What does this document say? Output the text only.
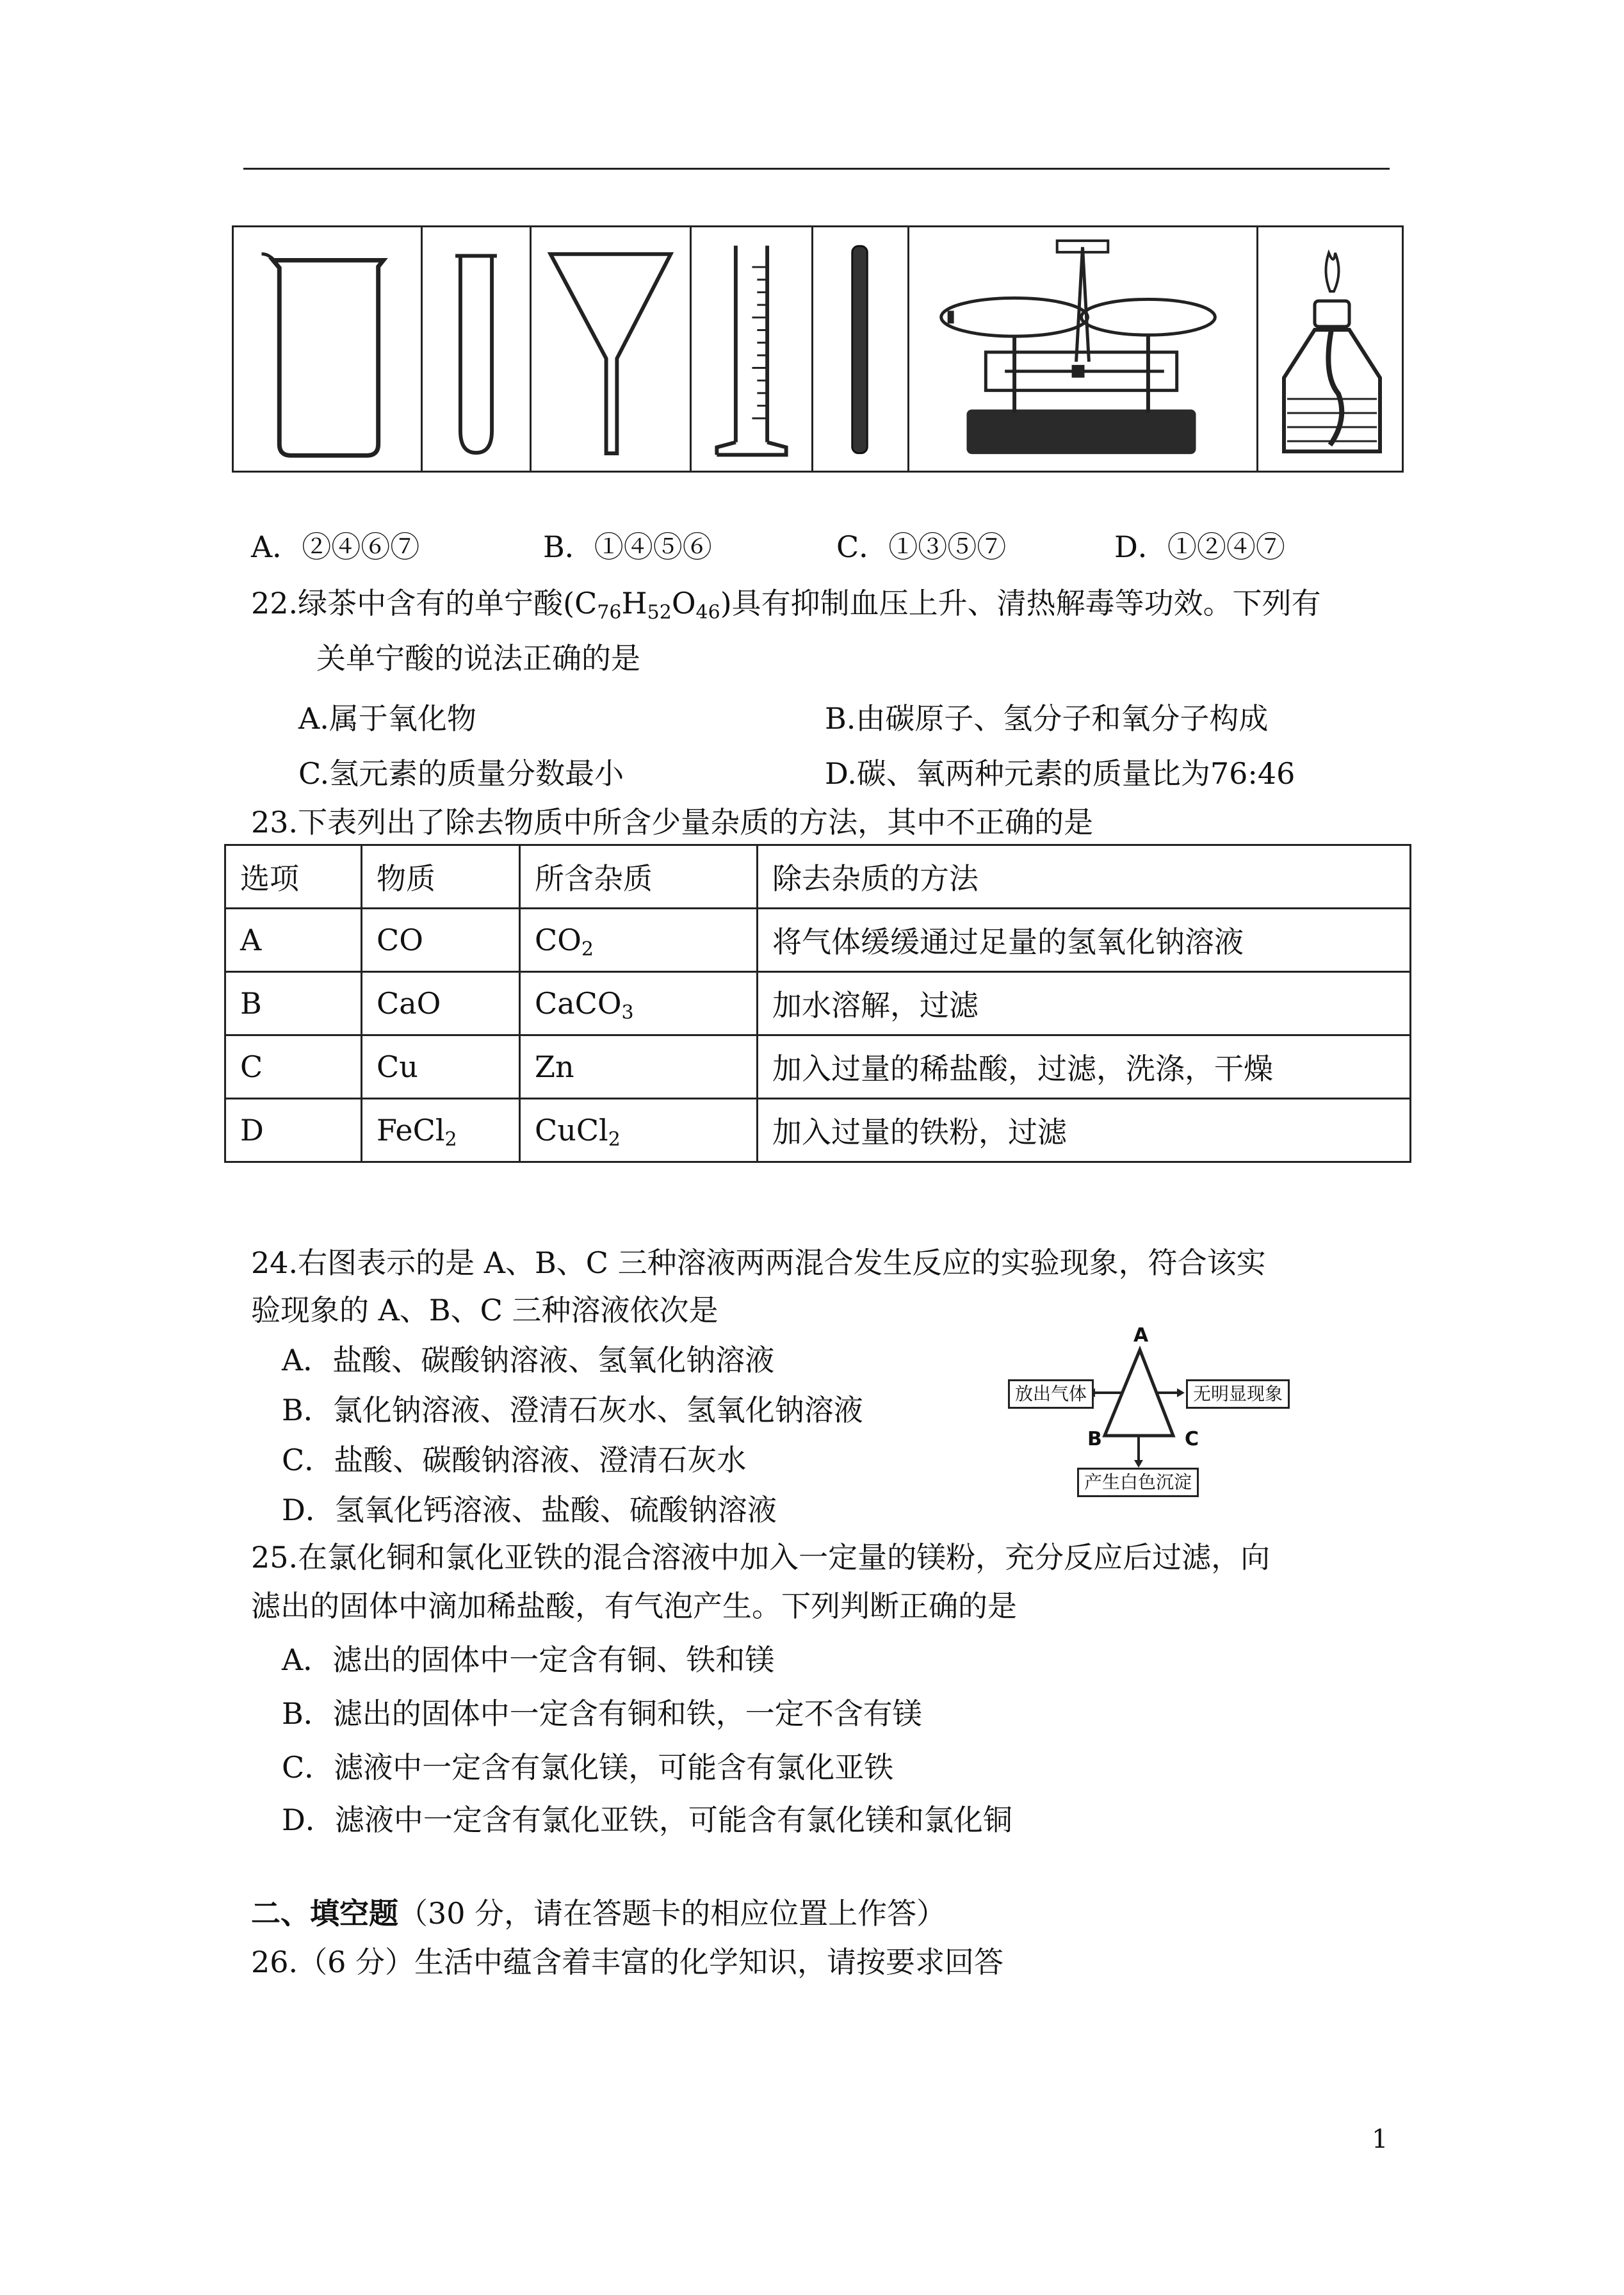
A．②④⑥⑦	B．①④⑤⑥	C．①③⑤⑦	D．①②④⑦
22.绿茶中含有的单宁酸$(C_{76}H_{52}O_{46})$具有抑制血压上升、清热解毒等功效。下列有
关单宁酸的说法正确的是
A.属于氧化物	B.由碳原子、氢分子和氧分子构成
C.氢元素的质量分数最小	D.碳、氧两种元素的质量比为76:46
23.下表列出了除去物质中所含少量杂质的方法，其中不正确的是
选项	物质	所含杂质	除去杂质的方法
A	CO	$CO_2$	将气体缓缓通过足量的氢氧化钠溶液
B	CaO	CaCO$_3$	加水溶解，过滤
C	Cu	Zn	加入过量的稀盐酸，过滤，洗涤，干燥
D	FeCl$_2$	CuCl$_2$	加入过量的铁粉，过滤
24.右图表示的是 A、B、C 三种溶液两两混合发生反应的实验现象，符合该实
验现象的 A、B、C 三种溶液依次是
A．盐酸、碳酸钠溶液、氢氧化钠溶液
B．氯化钠溶液、澄清石灰水、氢氧化钠溶液
C．盐酸、碳酸钠溶液、澄清石灰水
D．氢氧化钙溶液、盐酸、硫酸钠溶液
A
B	C
放出气体	无明显现象
产生白色沉淀
25.在氯化铜和氯化亚铁的混合溶液中加入一定量的镁粉，充分反应后过滤，向
滤出的固体中滴加稀盐酸，有气泡产生。下列判断正确的是
A．滤出的固体中一定含有铜、铁和镁
B．滤出的固体中一定含有铜和铁，一定不含有镁
C．滤液中一定含有氯化镁，可能含有氯化亚铁
D．滤液中一定含有氯化亚铁，可能含有氯化镁和氯化铜
二、填空题（30 分，请在答题卡的相应位置上作答）
26.（6 分）生活中蕴含着丰富的化学知识，请按要求回答
1
